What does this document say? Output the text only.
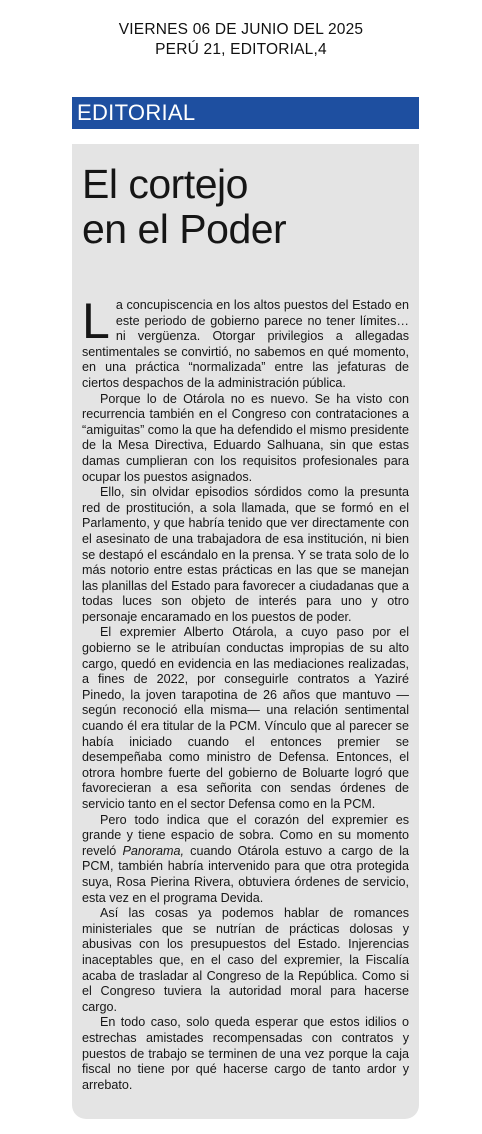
VIERNES 06 DE JUNIO DEL 2025
PERÚ 21, EDITORIAL,4
EDITORIAL
El cortejo
en el Poder

La concupiscencia en los altos puestos del Estado en este periodo de gobierno parece no tener límites… ni vergüenza. Otorgar privilegios a allegadas sentimentales se convirtió, no sabemos en qué momento, en una práctica “normalizada” entre las jefaturas de ciertos despachos de la administración pública.

Porque lo de Otárola no es nuevo. Se ha visto con recurrencia también en el Congreso con contrataciones a “amiguitas” como la que ha defendido el mismo presidente de la Mesa Directiva, Eduardo Salhuana, sin que estas damas cumplieran con los requisitos profesionales para ocupar los puestos asignados.

Ello, sin olvidar episodios sórdidos como la presunta red de prostitución, a sola llamada, que se formó en el Parlamento, y que habría tenido que ver directamente con el asesinato de una trabajadora de esa institución, ni bien se destapó el escándalo en la prensa. Y se trata solo de lo más notorio entre estas prácticas en las que se manejan las planillas del Estado para favorecer a ciudadanas que a todas luces son objeto de interés para uno y otro personaje encaramado en los puestos de poder.

El expremier Alberto Otárola, a cuyo paso por el gobierno se le atribuían conductas impropias de su alto cargo, quedó en evidencia en las mediaciones realizadas, a fines de 2022, por conseguirle contratos a Yaziré Pinedo, la joven tarapotina de 26 años que mantuvo —según reconoció ella misma— una relación sentimental cuando él era titular de la PCM. Vínculo que al parecer se había iniciado cuando el entonces premier se desempeñaba como ministro de Defensa. Entonces, el otrora hombre fuerte del gobierno de Boluarte logró que favorecieran a esa señorita con sendas órdenes de servicio tanto en el sector Defensa como en la PCM.

Pero todo indica que el corazón del expremier es grande y tiene espacio de sobra. Como en su momento reveló Panorama, cuando Otárola estuvo a cargo de la PCM, también habría intervenido para que otra protegida suya, Rosa Pierina Rivera, obtuviera órdenes de servicio, esta vez en el programa Devida.

Así las cosas ya podemos hablar de romances ministeriales que se nutrían de prácticas dolosas y abusivas con los presupuestos del Estado. Injerencias inaceptables que, en el caso del expremier, la Fiscalía acaba de trasladar al Congreso de la República. Como si el Congreso tuviera la autoridad moral para hacerse cargo.

En todo caso, solo queda esperar que estos idilios o estrechas amistades recompensadas con contratos y puestos de trabajo se terminen de una vez porque la caja fiscal no tiene por qué hacerse cargo de tanto ardor y arrebato.
